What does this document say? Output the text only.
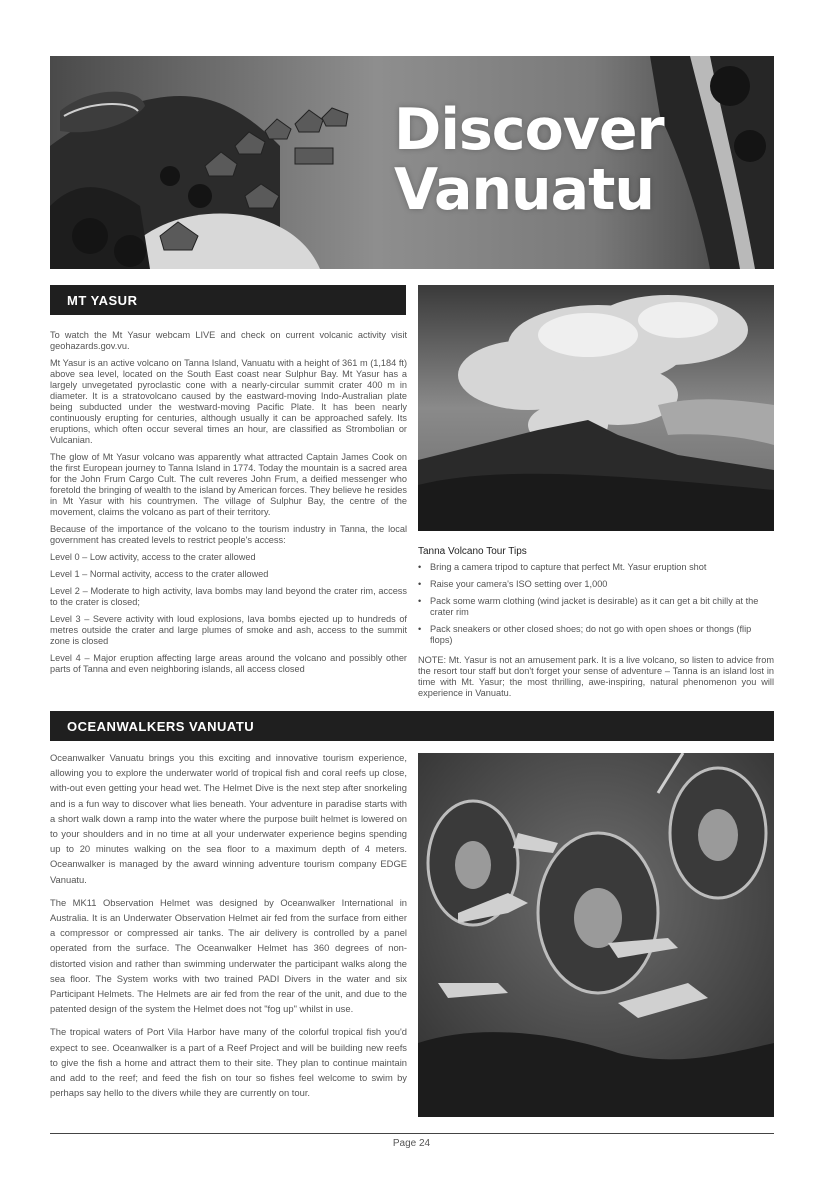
Discover
Vanuatu
MT YASUR

To watch the Mt Yasur webcam LIVE and check on current volcanic activity visit geohazards.gov.vu.

Mt Yasur is an active volcano on Tanna Island, Vanuatu with a height of 361 m (1,184 ft) above sea level, located on the South East coast near Sulphur Bay. Mt Yasur has a largely unvegetated pyroclastic cone with a nearly-circular summit crater 400 m in diameter. It is a stratovolcano caused by the eastward-moving Indo-Australian plate being subducted under the westward-moving Pacific Plate. It has been nearly continuously erupting for centuries, although usually it can be approached safely. Its eruptions, which often occur several times an hour, are classified as Strombolian or Vulcanian.

The glow of Mt Yasur volcano was apparently what attracted Captain James Cook on the first European journey to Tanna Island in 1774. Today the mountain is a sacred area for the John Frum Cargo Cult. The cult reveres John Frum, a deified messenger who foretold the bringing of wealth to the island by American forces. They believe he resides in Mt Yasur with his countrymen. The village of Sulphur Bay, the centre of the movement, claims the volcano as part of their territory.

Because of the importance of the volcano to the tourism industry in Tanna, the local government has created levels to restrict people's access:

Level 0 – Low activity, access to the crater allowed

Level 1 – Normal activity, access to the crater allowed

Level 2 – Moderate to high activity, lava bombs may land beyond the crater rim, access to the crater is closed;

Level 3 – Severe activity with loud explosions, lava bombs ejected up to hundreds of metres outside the crater and large plumes of smoke and ash, access to the summit zone is closed

Level 4 – Major eruption affecting large areas around the volcano and possibly other parts of Tanna and even neighboring islands, all access closed

Tanna Volcano Tour Tips
• Bring a camera tripod to capture that perfect Mt. Yasur eruption shot
• Raise your camera's ISO setting over 1,000
• Pack some warm clothing (wind jacket is desirable) as it can get a bit chilly at the crater rim
• Pack sneakers or other closed shoes; do not go with open shoes or thongs (flip flops)
NOTE: Mt. Yasur is not an amusement park. It is a live volcano, so listen to advice from the resort tour staff but don't forget your sense of adventure – Tanna is an island lost in time with Mt. Yasur; the most thrilling, awe-inspiring, natural phenomenon you will experience in Vanuatu.
OCEANWALKERS VANUATU

Oceanwalker Vanuatu brings you this exciting and innovative tourism experience, allowing you to explore the underwater world of tropical fish and coral reefs up close, with-out even getting your head wet. The Helmet Dive is the next step after snorkeling and is a fun way to discover what lies beneath. Your adventure in paradise starts with a short walk down a ramp into the water where the purpose built helmet is lowered on to your shoulders and in no time at all your underwater experience begins spending up to 20 minutes walking on the sea floor to a maximum depth of 4 meters. Oceanwalker is managed by the award winning adventure tourism company EDGE Vanuatu.

The MK11 Observation Helmet was designed by Oceanwalker International in Australia. It is an Underwater Observation Helmet air fed from the surface from either a compressor or compressed air tanks. The air delivery is controlled by a panel operated from the surface. The Oceanwalker Helmet has 360 degrees of non-distorted vision and rather than swimming underwater the participant walks along the sea floor. The System works with two trained PADI Divers in the water and six Participant Helmets. The Helmets are air fed from the rear of the unit, and due to the patented design of the system the Helmet does not "fog up" whilst in use.

The tropical waters of Port Vila Harbor have many of the colorful tropical fish you'd expect to see. Oceanwalker is a part of a Reef Project and will be building new reefs to give the fish a home and attract them to their site. They plan to continue maintain and add to the reef; and feed the fish on tour so fishes feel welcome to swim by perhaps say hello to the divers while they are currently on tour.

Page 24
